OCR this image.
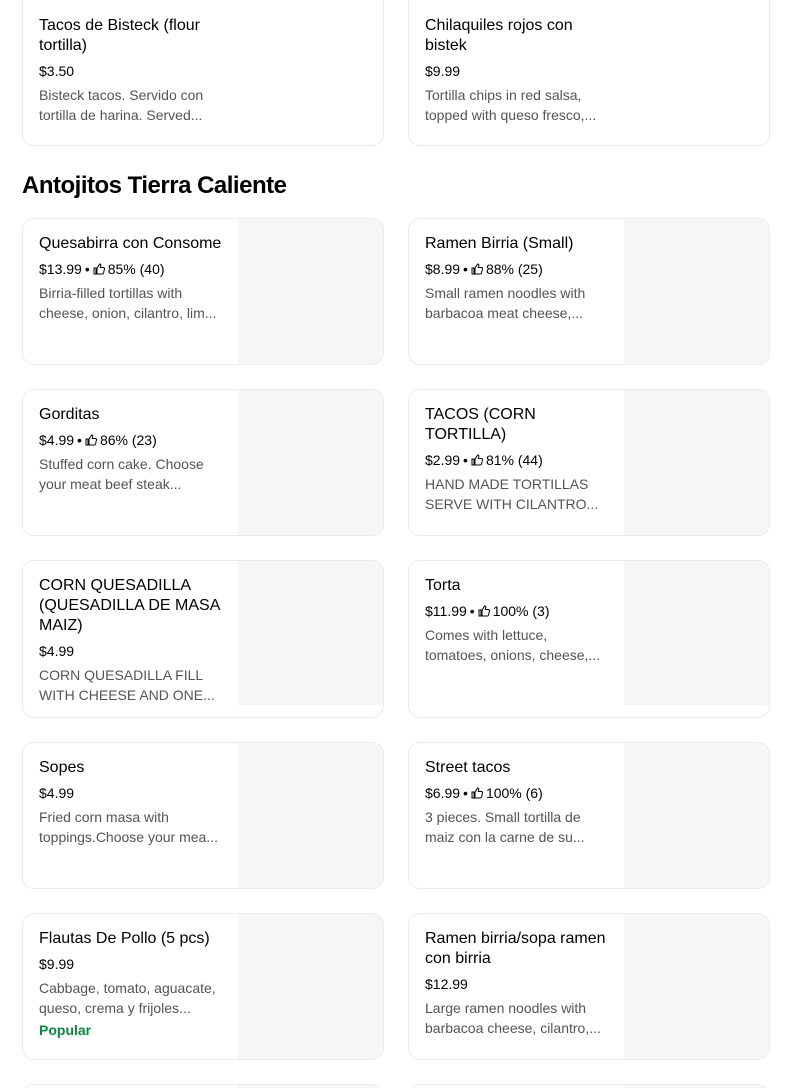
Tacos de Bisteck (flour tortilla)
$3.50
Bisteck tacos. Servido con tortilla de harina. Served...
Chilaquiles rojos con bistek
$9.99
Tortilla chips in red salsa, topped with queso fresco,...
Antojitos Tierra Caliente
Quesabirra con Consome
$13.99 • 85% (40)
Birria-filled tortillas with cheese, onion, cilantro, lim...
Ramen Birria (Small)
$8.99 • 88% (25)
Small ramen noodles with barbacoa meat cheese,...
Gorditas
$4.99 • 86% (23)
Stuffed corn cake. Choose your meat beef steak...
TACOS (CORN TORTILLA)
$2.99 • 81% (44)
HAND MADE TORTILLAS SERVE WITH CILANTRO...
CORN QUESADILLA (QUESADILLA DE MASA MAIZ)
$4.99
CORN QUESADILLA FILL WITH CHEESE AND ONE...
Torta
$11.99 • 100% (3)
Comes with lettuce, tomatoes, onions, cheese,...
Sopes
$4.99
Fried corn masa with toppings.Choose your mea...
Street tacos
$6.99 • 100% (6)
3 pieces. Small tortilla de maiz con la carne de su...
Flautas De Pollo (5 pcs)
$9.99
Cabbage, tomato, aguacate, queso, crema y frijoles...
Popular
Ramen birria/sopa ramen con birria
$12.99
Large ramen noodles with barbacoa cheese, cilantro,...
